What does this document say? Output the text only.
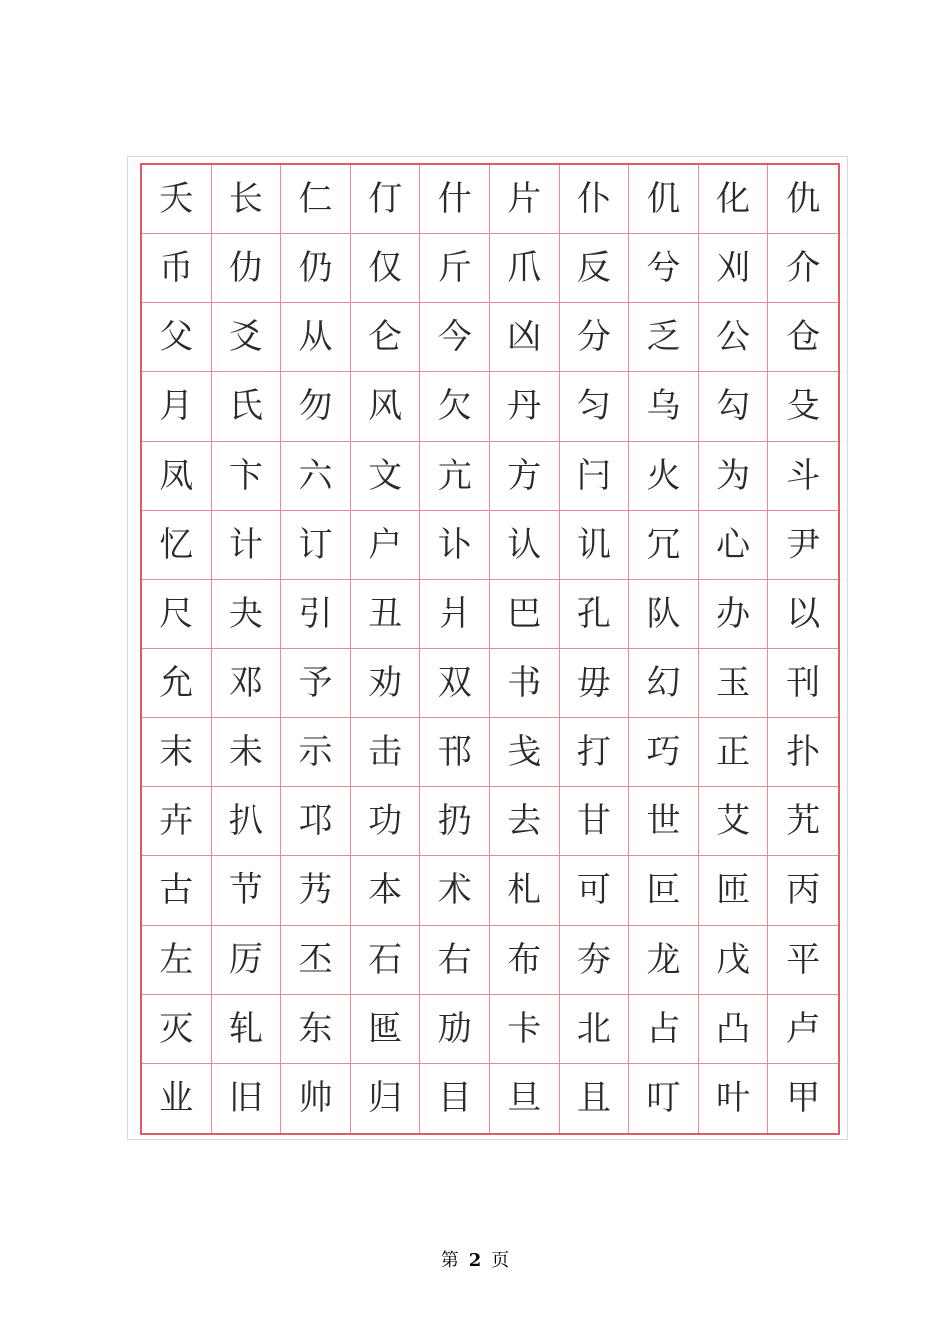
夭	长	仁	仃	什	片	仆	仉	化	仇
币	仂	仍	仅	斤	爪	反	兮	刈	介
父	爻	从	仑	今	凶	分	乏	公	仓
月	氏	勿	风	欠	丹	匀	乌	勾	殳
凤	卞	六	文	亢	方	闩	火	为	斗
忆	计	订	户	讣	认	讥	冗	心	尹
尺	夬	引	丑	爿	巴	孔	队	办	以
允	邓	予	劝	双	书	毋	幻	玉	刊
末	未	示	击	邗	戋	打	巧	正	扑
卉	扒	邛	功	扔	去	甘	世	艾	艽
古	节	艿	本	术	札	可	叵	匝	丙
左	厉	丕	石	右	布	夯	龙	戊	平
灭	轧	东	匜	劢	卡	北	占	凸	卢
业	旧	帅	归	目	旦	且	叮	叶	甲
第 2 页
